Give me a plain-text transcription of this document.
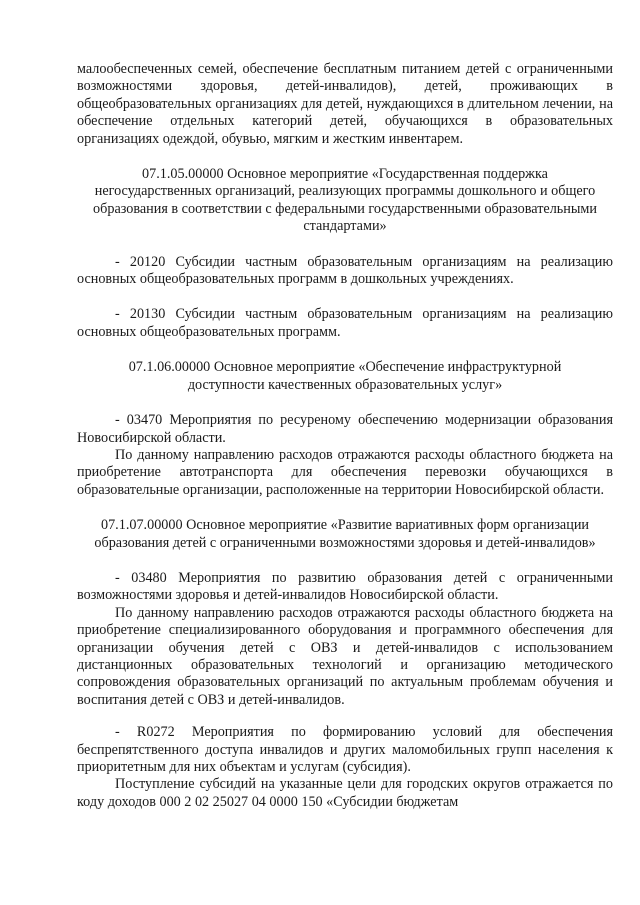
малообеспеченных семей, обеспечение бесплатным питанием детей с ограниченными возможностями здоровья, детей-инвалидов), детей, проживающих в общеобразовательных организациях для детей, нуждающихся в длительном лечении, на обеспечение отдельных категорий детей, обучающихся в образовательных организациях одеждой, обувью, мягким и жестким инвентарем.

07.1.05.00000 Основное мероприятие «Государственная поддержка негосударственных организаций, реализующих программы дошкольного и общего образования в соответствии с федеральными государственными образовательными стандартами»

- 20120 Субсидии частным образовательным организациям на реализацию основных общеобразовательных программ в дошкольных учреждениях.

- 20130 Субсидии частным образовательным организациям на реализацию основных общеобразовательных программ.

07.1.06.00000 Основное мероприятие «Обеспечение инфраструктурной доступности качественных образовательных услуг»

- 03470 Мероприятия по ресуреному обеспечению модернизации образования Новосибирской области.

По данному направлению расходов отражаются расходы областного бюджета на приобретение автотранспорта для обеспечения перевозки обучающихся в образовательные организации, расположенные на территории Новосибирской области.

07.1.07.00000 Основное мероприятие «Развитие вариативных форм организации образования детей с ограниченными возможностями здоровья и детей-инвалидов»

- 03480 Мероприятия по развитию образования детей с ограниченными возможностями здоровья и детей-инвалидов Новосибирской области.

По данному направлению расходов отражаются расходы областного бюджета на приобретение специализированного оборудования и программного обеспечения для организации обучения детей с ОВЗ и детей-инвалидов с использованием дистанционных образовательных технологий и организацию методического сопровождения образовательных организаций по актуальным проблемам обучения и воспитания детей с ОВЗ и детей-инвалидов.

- R0272 Мероприятия по формированию условий для обеспечения беспрепятственного доступа инвалидов и других маломобильных групп населения к приоритетным для них объектам и услугам (субсидия).

Поступление субсидий на указанные цели для городских округов отражается по коду доходов 000 2 02 25027 04 0000 150 «Субсидии бюджетам
